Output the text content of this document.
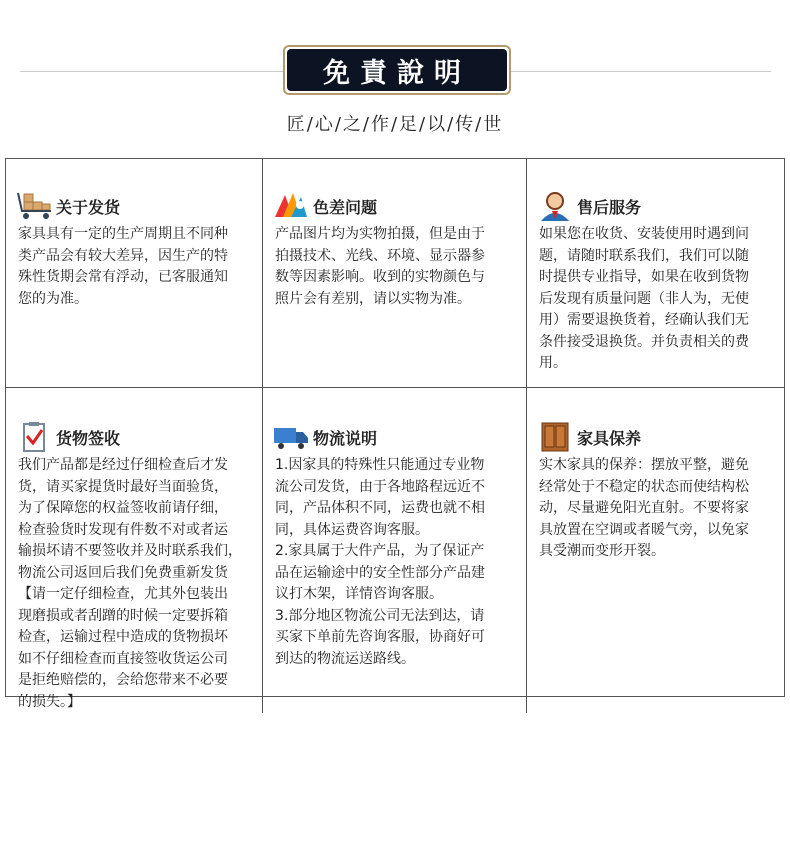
免責說明
匠/心/之/作/足/以/传/世
关于发货
家具具有一定的生产周期且不同种
类产品会有较大差异，因生产的特
殊性货期会常有浮动，已客服通知
您的为准。
色差问题
产品图片均为实物拍摄，但是由于
拍摄技术、光线、环境、显示器参
数等因素影响。收到的实物颜色与
照片会有差别，请以实物为准。
售后服务
如果您在收货、安装使用时遇到问
题，请随时联系我们，我们可以随
时提供专业指导，如果在收到货物
后发现有质量问题（非人为，无使
用）需要退换货着，经确认我们无
条件接受退换货。并负责相关的费
用。
货物签收
我们产品都是经过仔细检查后才发
货，请买家提货时最好当面验货，
为了保障您的权益签收前请仔细，
检查验货时发现有件数不对或者运
输损坏请不要签收并及时联系我们，
物流公司返回后我们免费重新发货
【请一定仔细检查，尤其外包装出
现磨损或者刮蹭的时候一定要拆箱
检查，运输过程中造成的货物损坏
如不仔细检查而直接签收货运公司
是拒绝赔偿的，会给您带来不必要
的损失。】
物流说明
1.因家具的特殊性只能通过专业物
流公司发货，由于各地路程远近不
同，产品体积不同，运费也就不相
同，具体运费咨询客服。
2.家具属于大件产品，为了保证产
品在运输途中的安全性部分产品建
议打木架，详情咨询客服。
3.部分地区物流公司无法到达，请
买家下单前先咨询客服，协商好可
到达的物流运送路线。
家具保养
实木家具的保养：摆放平整，避免
经常处于不稳定的状态而使结构松
动，尽量避免阳光直射。不要将家
具放置在空调或者暖气旁，以免家
具受潮而变形开裂。
